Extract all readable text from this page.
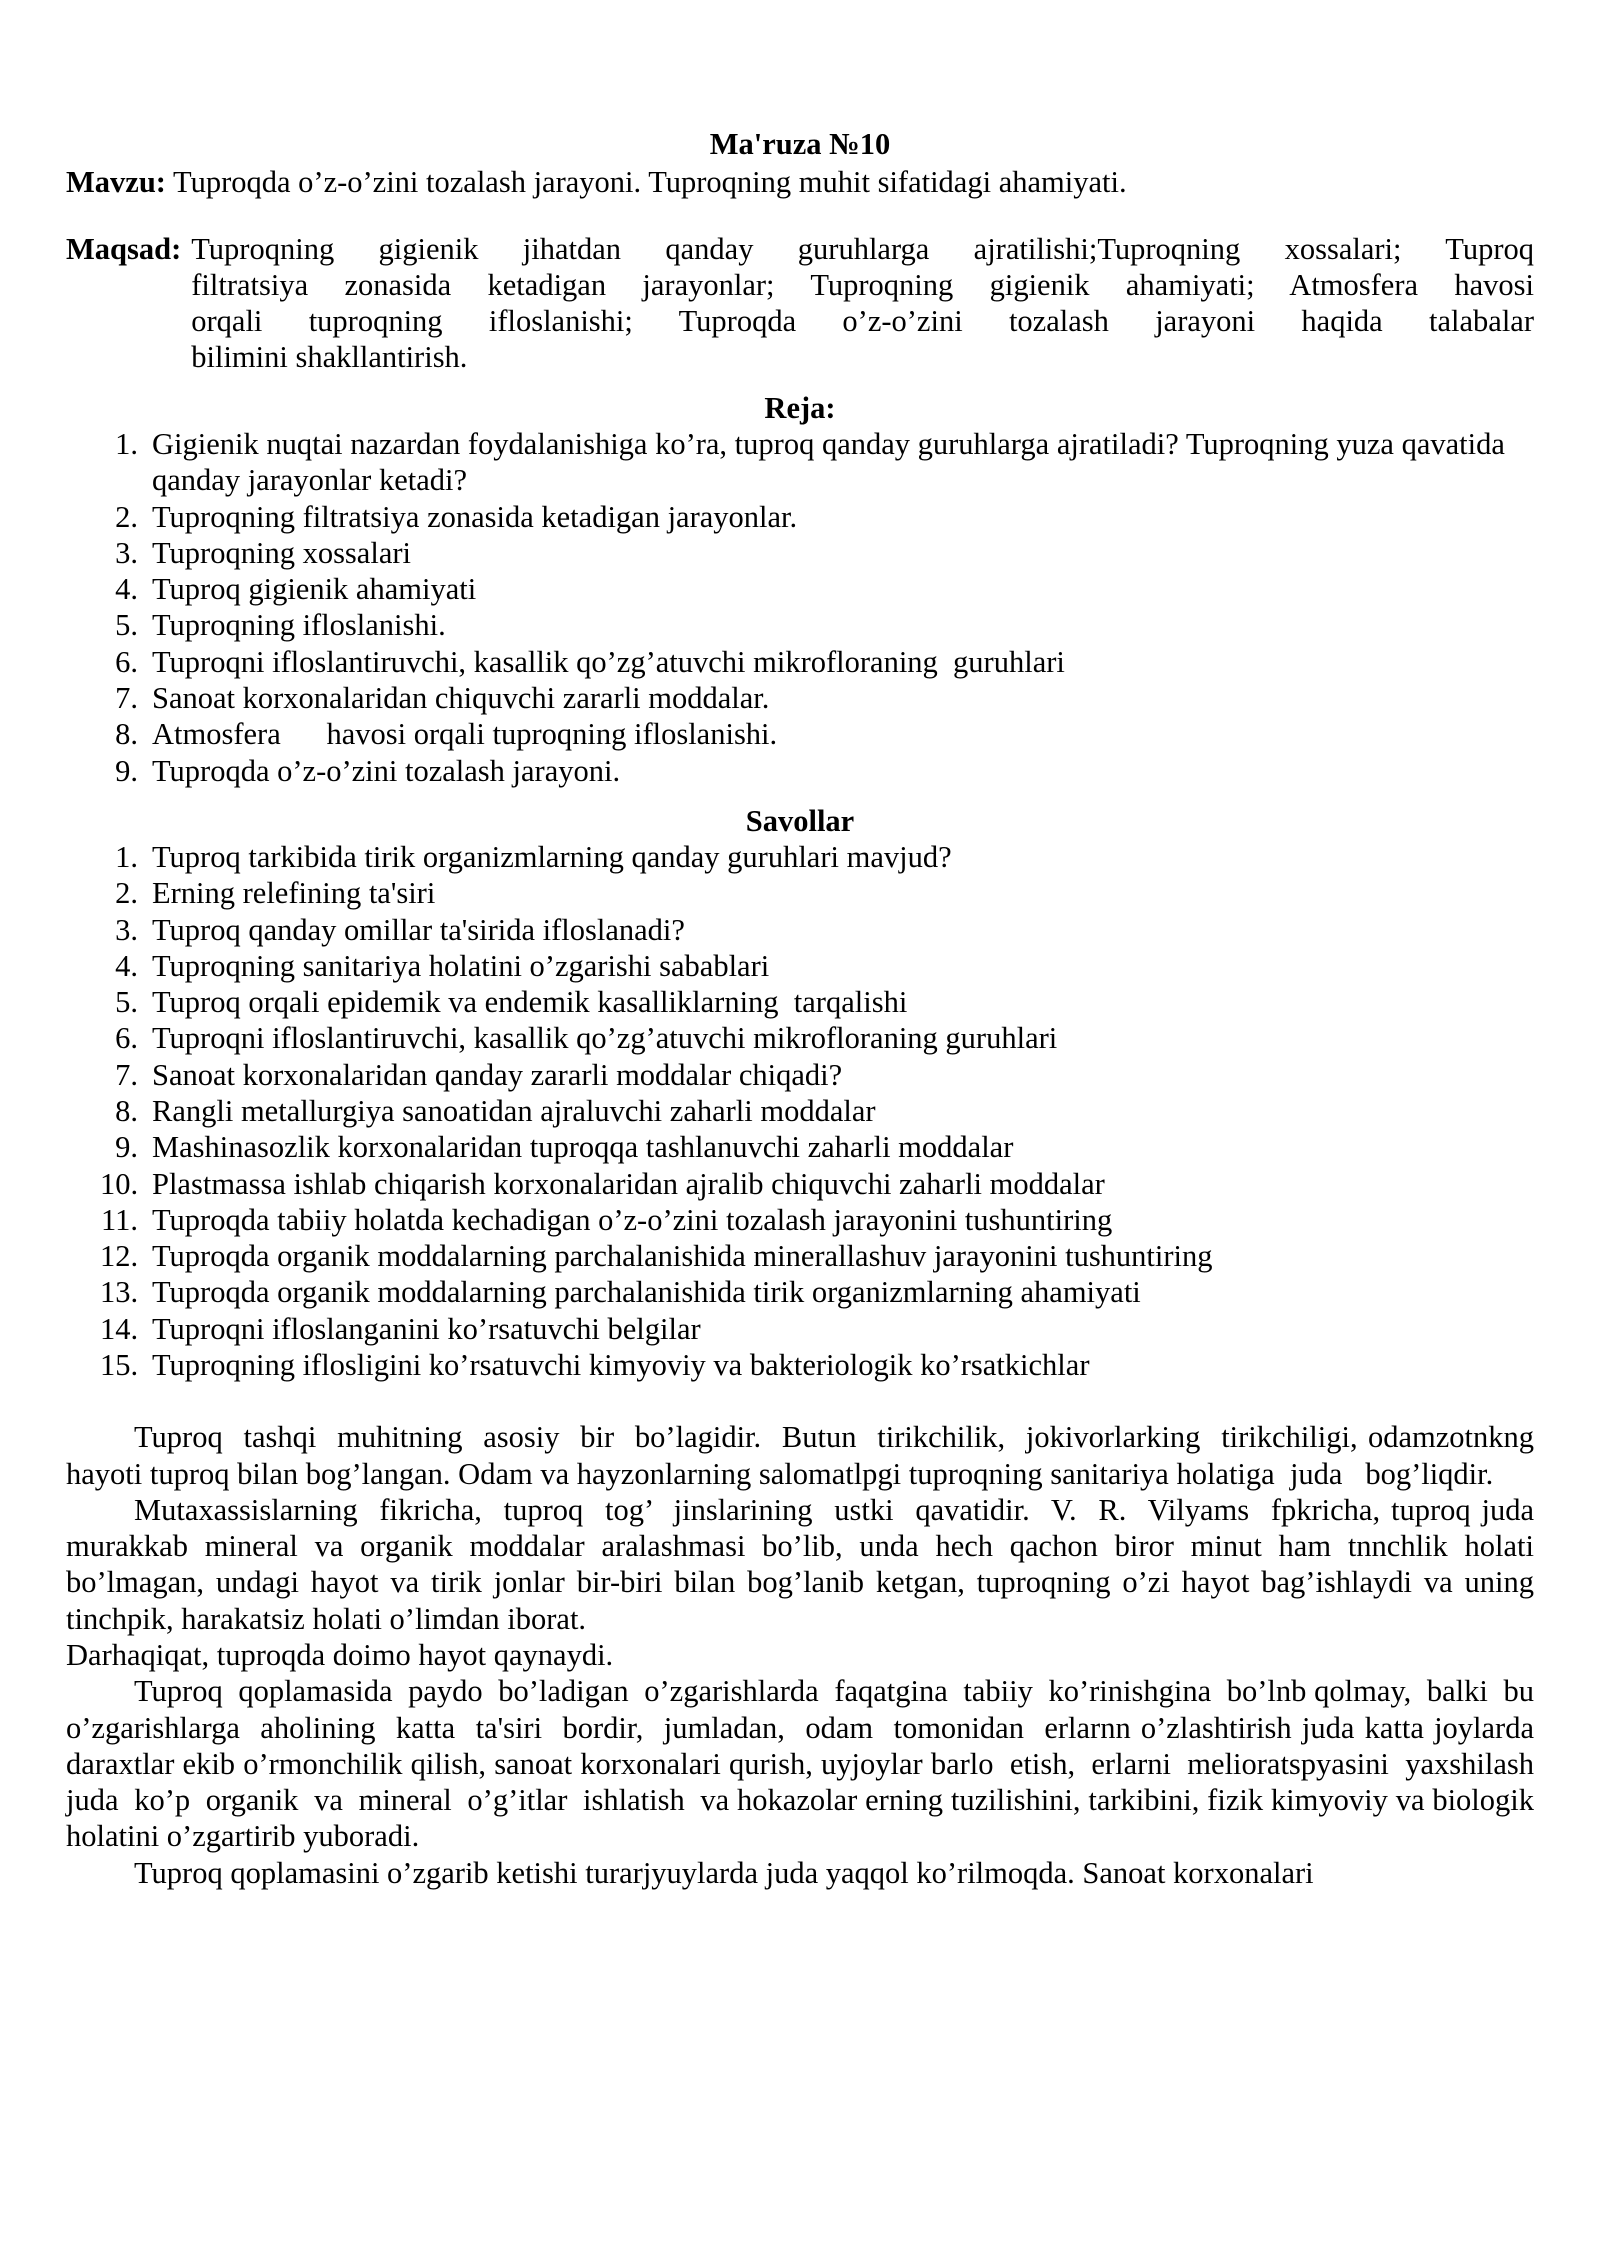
Ma'ruza №10
Mavzu: Tuproqda o’z-o’zini tozalash jarayoni. Tuproqning muhit sifatidagi ahamiyati.
Maqsad: Tuproqning gigienik jihatdan qanday guruhlarga ajratilishi;Tuproqning xossalari; Tuproq
filtratsiya zonasida ketadigan jarayonlar; Tuproqning gigienik ahamiyati; Atmosfera havosi
orqali tuproqning ifloslanishi; Tuproqda o’z-o’zini tozalash jarayoni haqida talabalar
bilimini shakllantirish.
Reja:
1. Gigienik nuqtai nazardan foydalanishiga ko’ra, tuproq qanday guruhlarga ajratiladi? Tuproqning yuza qavatida qanday jarayonlar ketadi?
2. Tuproqning filtratsiya zonasida ketadigan jarayonlar.
3. Tuproqning xossalari
4. Tuproq gigienik ahamiyati
5. Tuproqning ifloslanishi.
6. Tuproqni ifloslantiruvchi, kasallik qo’zg’atuvchi mikrofloraning  guruhlari
7. Sanoat korxonalaridan chiquvchi zararli moddalar.
8. Atmosfera      havosi orqali tuproqning ifloslanishi.
9. Tuproqda o’z-o’zini tozalash jarayoni.
Savollar
1. Tuproq tarkibida tirik organizmlarning qanday guruhlari mavjud?
2. Erning relefining ta'siri
3. Tuproq qanday omillar ta'sirida ifloslanadi?
4. Tuproqning sanitariya holatini o’zgarishi sabablari
5. Tuproq orqali epidemik va endemik kasalliklarning  tarqalishi
6. Tuproqni ifloslantiruvchi, kasallik qo’zg’atuvchi mikrofloraning guruhlari
7. Sanoat korxonalaridan qanday zararli moddalar chiqadi?
8. Rangli metallurgiya sanoatidan ajraluvchi zaharli moddalar
9. Mashinasozlik korxonalaridan tuproqqa tashlanuvchi zaharli moddalar
10. Plastmassa ishlab chiqarish korxonalaridan ajralib chiquvchi zaharli moddalar
11. Tuproqda tabiiy holatda kechadigan o’z-o’zini tozalash jarayonini tushuntiring
12. Tuproqda organik moddalarning parchalanishida minerallashuv jarayonini tushuntiring
13. Tuproqda organik moddalarning parchalanishida tirik organizmlarning ahamiyati
14. Tuproqni ifloslanganini ko’rsatuvchi belgilar
15. Tuproqning iflosligini ko’rsatuvchi kimyoviy va bakteriologik ko’rsatkichlar

Tuproq  tashqi  muhitning  asosiy  bir  bo’lagidir.  Butun  tirikchilik,  jokivorlarking  tirikchiligi, odamzotnkng hayoti tuproq bilan bog’langan. Odam va hayzonlarning salomatlpgi tuproqning sanitariya holatiga  juda   bog’liqdir.

Mutaxassislarning  fikricha,  tuproq  tog’  jinslarining  ustki  qavatidir.  V.  R.  Vilyams  fpkricha, tuproq juda murakkab mineral va organik moddalar aralashmasi bo’lib, unda hech qachon biror minut ham tnnchlik holati bo’lmagan, undagi hayot va tirik jonlar bir-biri bilan bog’lanib ketgan, tuproqning o’zi hayot bag’ishlaydi va uning tinchpik, harakatsiz holati o’limdan iborat.

Darhaqiqat, tuproqda doimo hayot qaynaydi.

Tuproq  qoplamasida  paydo  bo’ladigan  o’zgarishlarda  faqatgina  tabiiy  ko’rinishgina  bo’lnb qolmay,  balki  bu  o’zgarishlarga  aholining  katta  ta'siri  bordir,  jumladan,  odam  tomonidan  erlarnn o’zlashtirish juda katta joylarda daraxtlar ekib o’rmonchilik qilish, sanoat korxonalari qurish, uyjoylar barlo  etish,  erlarni  melioratspyasini  yaxshilash  juda  ko’p  organik  va  mineral  o’g’itlar  ishlatish  va hokazolar erning tuzilishini, tarkibini, fizik kimyoviy va biologik holatini o’zgartirib yuboradi.

Tuproq qoplamasini o’zgarib ketishi turarjyuylarda juda yaqqol ko’rilmoqda. Sanoat korxonalari
